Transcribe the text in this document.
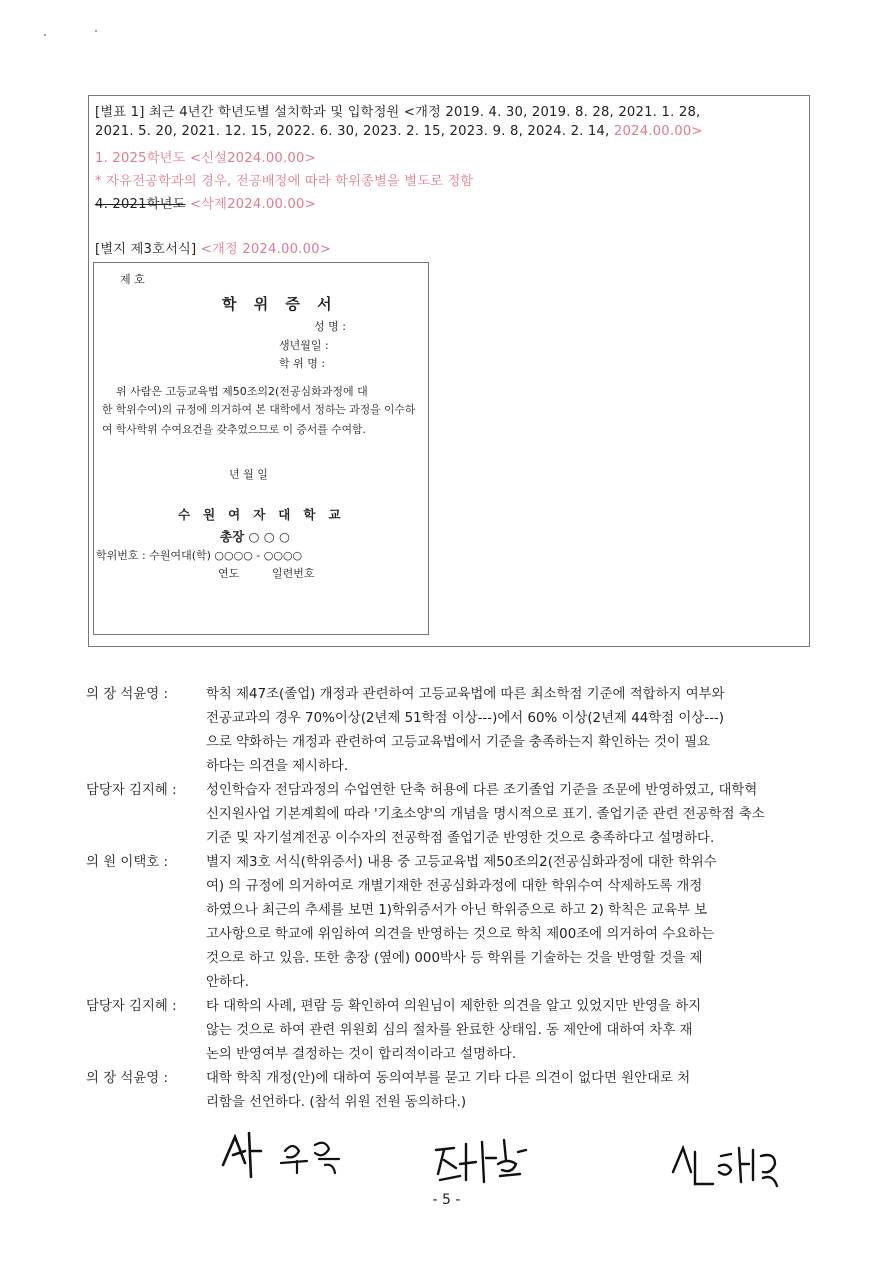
[별표 1] 최근 4년간 학년도별 설치학과 및 입학정원 <개정 2019. 4. 30, 2019. 8. 28, 2021. 1. 28,
2021. 5. 20, 2021. 12. 15, 2022. 6. 30, 2023. 2. 15, 2023. 9. 8, 2024. 2. 14, 2024.00.00>
1. 2025학년도 <신설2024.00.00>
* 자유전공학과의 경우, 전공배정에 따라 학위종별을 별도로 정함
4. 2021학년도 <삭제2024.00.00>
[별지 제3호서식] <개정 2024.00.00>
제 호
학 위 증 서
성 명 :
생년월일 :
학 위 명 :
위 사람은 고등교육법 제50조의2(전공심화과정에 대
한 학위수여)의 규정에 의거하여 본 대학에서 정하는 과정을 이수하여 학사학위 수여요건을 갖추었으므로 이 증서를 수여함.
년 월 일
수원여자대학교
총장 ○ ○ ○
학위번호 : 수원여대(학) ○○○○ - ○○○○
연도	일련번호
의 장 석윤영 :	학칙 제47조(졸업) 개정과 관련하여 고등교육법에 따른 최소학점 기준에 적합하지 여부와
전공교과의 경우 70%이상(2년제 51학점 이상---)에서 60% 이상(2년제 44학점 이상---)
으로 약화하는 개정과 관련하여 고등교육법에서 기준을 충족하는지 확인하는 것이 필요
하다는 의견을 제시하다.
담당자 김지혜 :	성인학습자 전담과정의 수업연한 단축 허용에 다른 조기졸업 기준을 조문에 반영하였고, 대학혁
신지원사업 기본계획에 따라 '기초소양'의 개념을 명시적으로 표기. 졸업기준 관련 전공학점 축소
기준 및 자기설계전공 이수자의 전공학점 졸업기준 반영한 것으로 충족하다고 설명하다.
의 원 이택호 :	별지 제3호 서식(학위증서) 내용 중 고등교육법 제50조의2(전공심화과정에 대한 학위수
여) 의 규정에 의거하여로 개별기재한 전공심화과정에 대한 학위수여 삭제하도록 개정
하였으나 최근의 추세를 보면 1)학위증서가 아닌 학위증으로 하고 2) 학칙은 교육부 보
고사항으로 학교에 위임하여 의견을 반영하는 것으로 학칙 제00조에 의거하여 수요하는
것으로 하고 있음. 또한 총장 (옆에) 000박사 등 학위를 기술하는 것을 반영할 것을 제
안하다.
담당자 김지혜 :	타 대학의 사례, 편람 등 확인하여 의원님이 제한한 의견을 알고 있었지만 반영을 하지
않는 것으로 하여 관련 위원회 심의 절차를 완료한 상태임. 동 제안에 대하여 차후 재
논의 반영여부 결정하는 것이 합리적이라고 설명하다.
의 장 석윤영 :	대학 학칙 개정(안)에 대하여 동의여부를 묻고 기타 다른 의견이 없다면 원안대로 처
리함을 선언하다. (참석 위원 전원 동의하다.)
- 5 -
